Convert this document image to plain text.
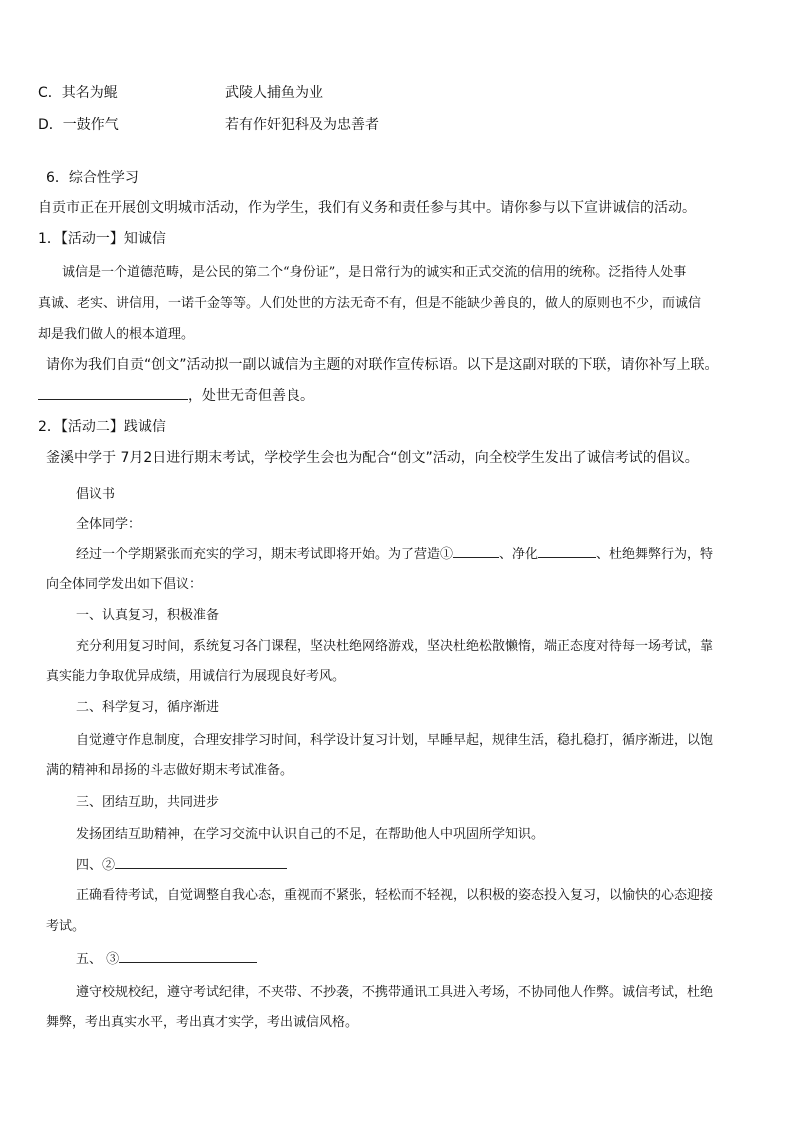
C．其名为鲲	武陵人捕鱼为业
D．一鼓作气	若有作奸犯科及为忠善者
6．综合性学习
自贡市正在开展创文明城市活动，作为学生，我们有义务和责任参与其中。请你参与以下宣讲诚信的活动。
1．【活动一】知诚信
诚信是一个道德范畴，是公民的第二个“身份证”，是日常行为的诚实和正式交流的信用的统称。泛指待人处事
真诚、老实、讲信用，一诺千金等等。人们处世的方法无奇不有，但是不能缺少善良的，做人的原则也不少，而诚信
却是我们做人的根本道理。
请你为我们自贡“创文”活动拟一副以诚信为主题的对联作宣传标语。以下是这副对联的下联，请你补写上联。
，处世无奇但善良。
2．【活动二】践诚信
釜溪中学于 7月2日进行期末考试，学校学生会也为配合“创文”活动，向全校学生发出了诚信考试的倡议。
倡议书
全体同学：
经过一个学期紧张而充实的学习，期末考试即将开始。为了营造①	、净化	、杜绝舞弊行为，特
向全体同学发出如下倡议：
一、认真复习，积极准备
充分利用复习时间，系统复习各门课程，坚决杜绝网络游戏，坚决杜绝松散懒惰，端正态度对待每一场考试，靠
真实能力争取优异成绩，用诚信行为展现良好考风。
二、科学复习，循序渐进
自觉遵守作息制度，合理安排学习时间，科学设计复习计划，早睡早起，规律生活，稳扎稳打，循序渐进，以饱
满的精神和昂扬的斗志做好期末考试准备。
三、团结互助，共同进步
发扬团结互助精神，在学习交流中认识自己的不足，在帮助他人中巩固所学知识。
四、②
正确看待考试，自觉调整自我心态，重视而不紧张，轻松而不轻视，以积极的姿态投入复习，以愉快的心态迎接
考试。
五、 ③
遵守校规校纪，遵守考试纪律，不夹带、不抄袭，不携带通讯工具进入考场，不协同他人作弊。诚信考试，杜绝
舞弊，考出真实水平，考出真才实学，考出诚信风格。
